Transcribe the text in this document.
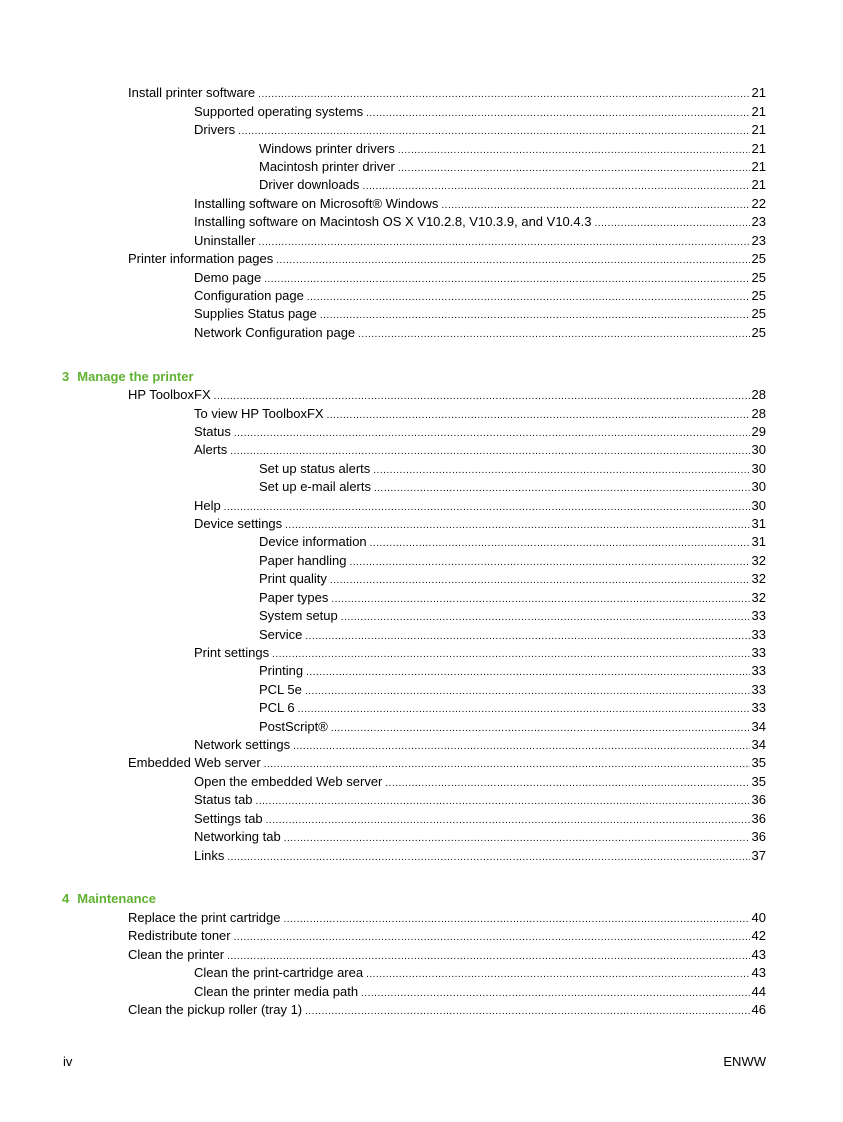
Install printer software .....	21
Supported operating systems .....	21
Drivers .....	21
Windows printer drivers .....	21
Macintosh printer driver .....	21
Driver downloads .....	21
Installing software on Microsoft® Windows .....	22
Installing software on Macintosh OS X V10.2.8, V10.3.9, and V10.4.3 .....	23
Uninstaller .....	23
Printer information pages .....	25
Demo page .....	25
Configuration page .....	25
Supplies Status page .....	25
Network Configuration page .....	25
3 Manage the printer
HP ToolboxFX .....	28
To view HP ToolboxFX .....	28
Status .....	29
Alerts .....	30
Set up status alerts .....	30
Set up e-mail alerts .....	30
Help .....	30
Device settings .....	31
Device information .....	31
Paper handling .....	32
Print quality .....	32
Paper types .....	32
System setup .....	33
Service .....	33
Print settings .....	33
Printing .....	33
PCL 5e .....	33
PCL 6 .....	33
PostScript® .....	34
Network settings .....	34
Embedded Web server .....	35
Open the embedded Web server .....	35
Status tab .....	36
Settings tab .....	36
Networking tab .....	36
Links .....	37
4 Maintenance
Replace the print cartridge .....	40
Redistribute toner .....	42
Clean the printer .....	43
Clean the print-cartridge area .....	43
Clean the printer media path .....	44
Clean the pickup roller (tray 1) .....	46
iv	ENWW
